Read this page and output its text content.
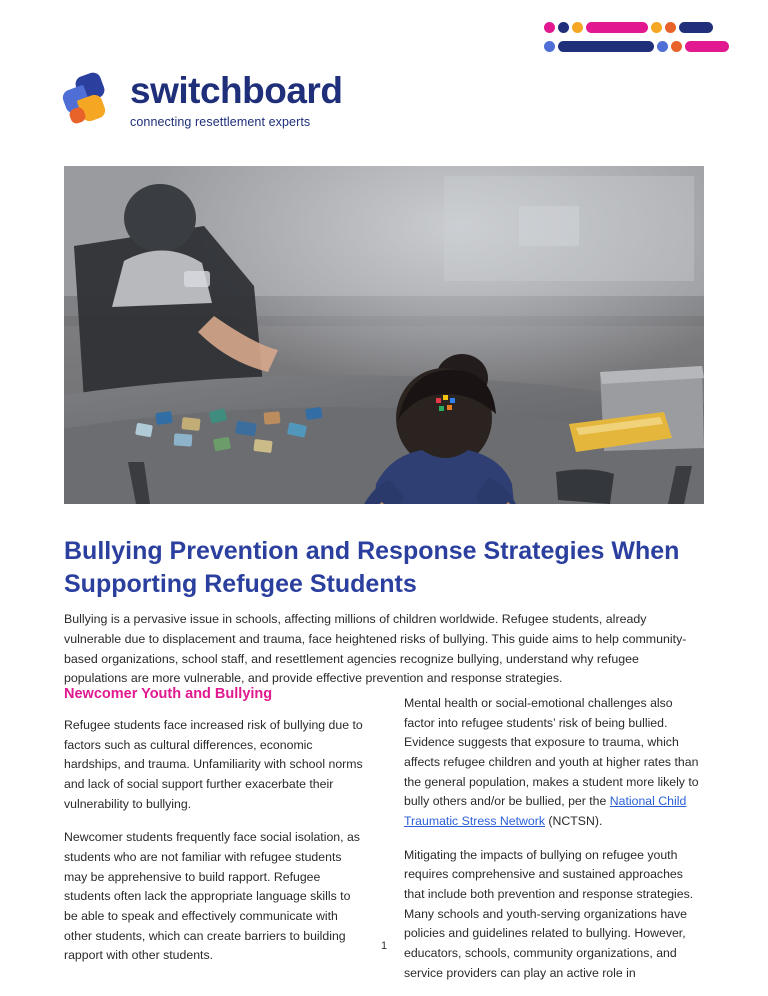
switchboard
connecting resettlement experts
Bullying Prevention and Response Strategies When Supporting Refugee Students

Bullying is a pervasive issue in schools, affecting millions of children worldwide. Refugee students, already vulnerable due to displacement and trauma, face heightened risks of bullying. This guide aims to help community-based organizations, school staff, and resettlement agencies recognize bullying, understand why refugee populations are more vulnerable, and provide effective prevention and response strategies.

Newcomer Youth and Bullying

Refugee students face increased risk of bullying due to factors such as cultural differences, economic hardships, and trauma. Unfamiliarity with school norms and lack of social support further exacerbate their vulnerability to bullying.

Newcomer students frequently face social isolation, as students who are not familiar with refugee students may be apprehensive to build rapport. Refugee students often lack the appropriate language skills to be able to speak and effectively communicate with other students, which can create barriers to building rapport with other students.

Mental health or social-emotional challenges also factor into refugee students’ risk of being bullied. Evidence suggests that exposure to trauma, which affects refugee children and youth at higher rates than the general population, makes a student more likely to bully others and/or be bullied, per the National Child Traumatic Stress Network (NCTSN).

Mitigating the impacts of bullying on refugee youth requires comprehensive and sustained approaches that include both prevention and response strategies. Many schools and youth-serving organizations have policies and guidelines related to bullying. However, educators, schools, community organizations, and service providers can play an active role in

1
